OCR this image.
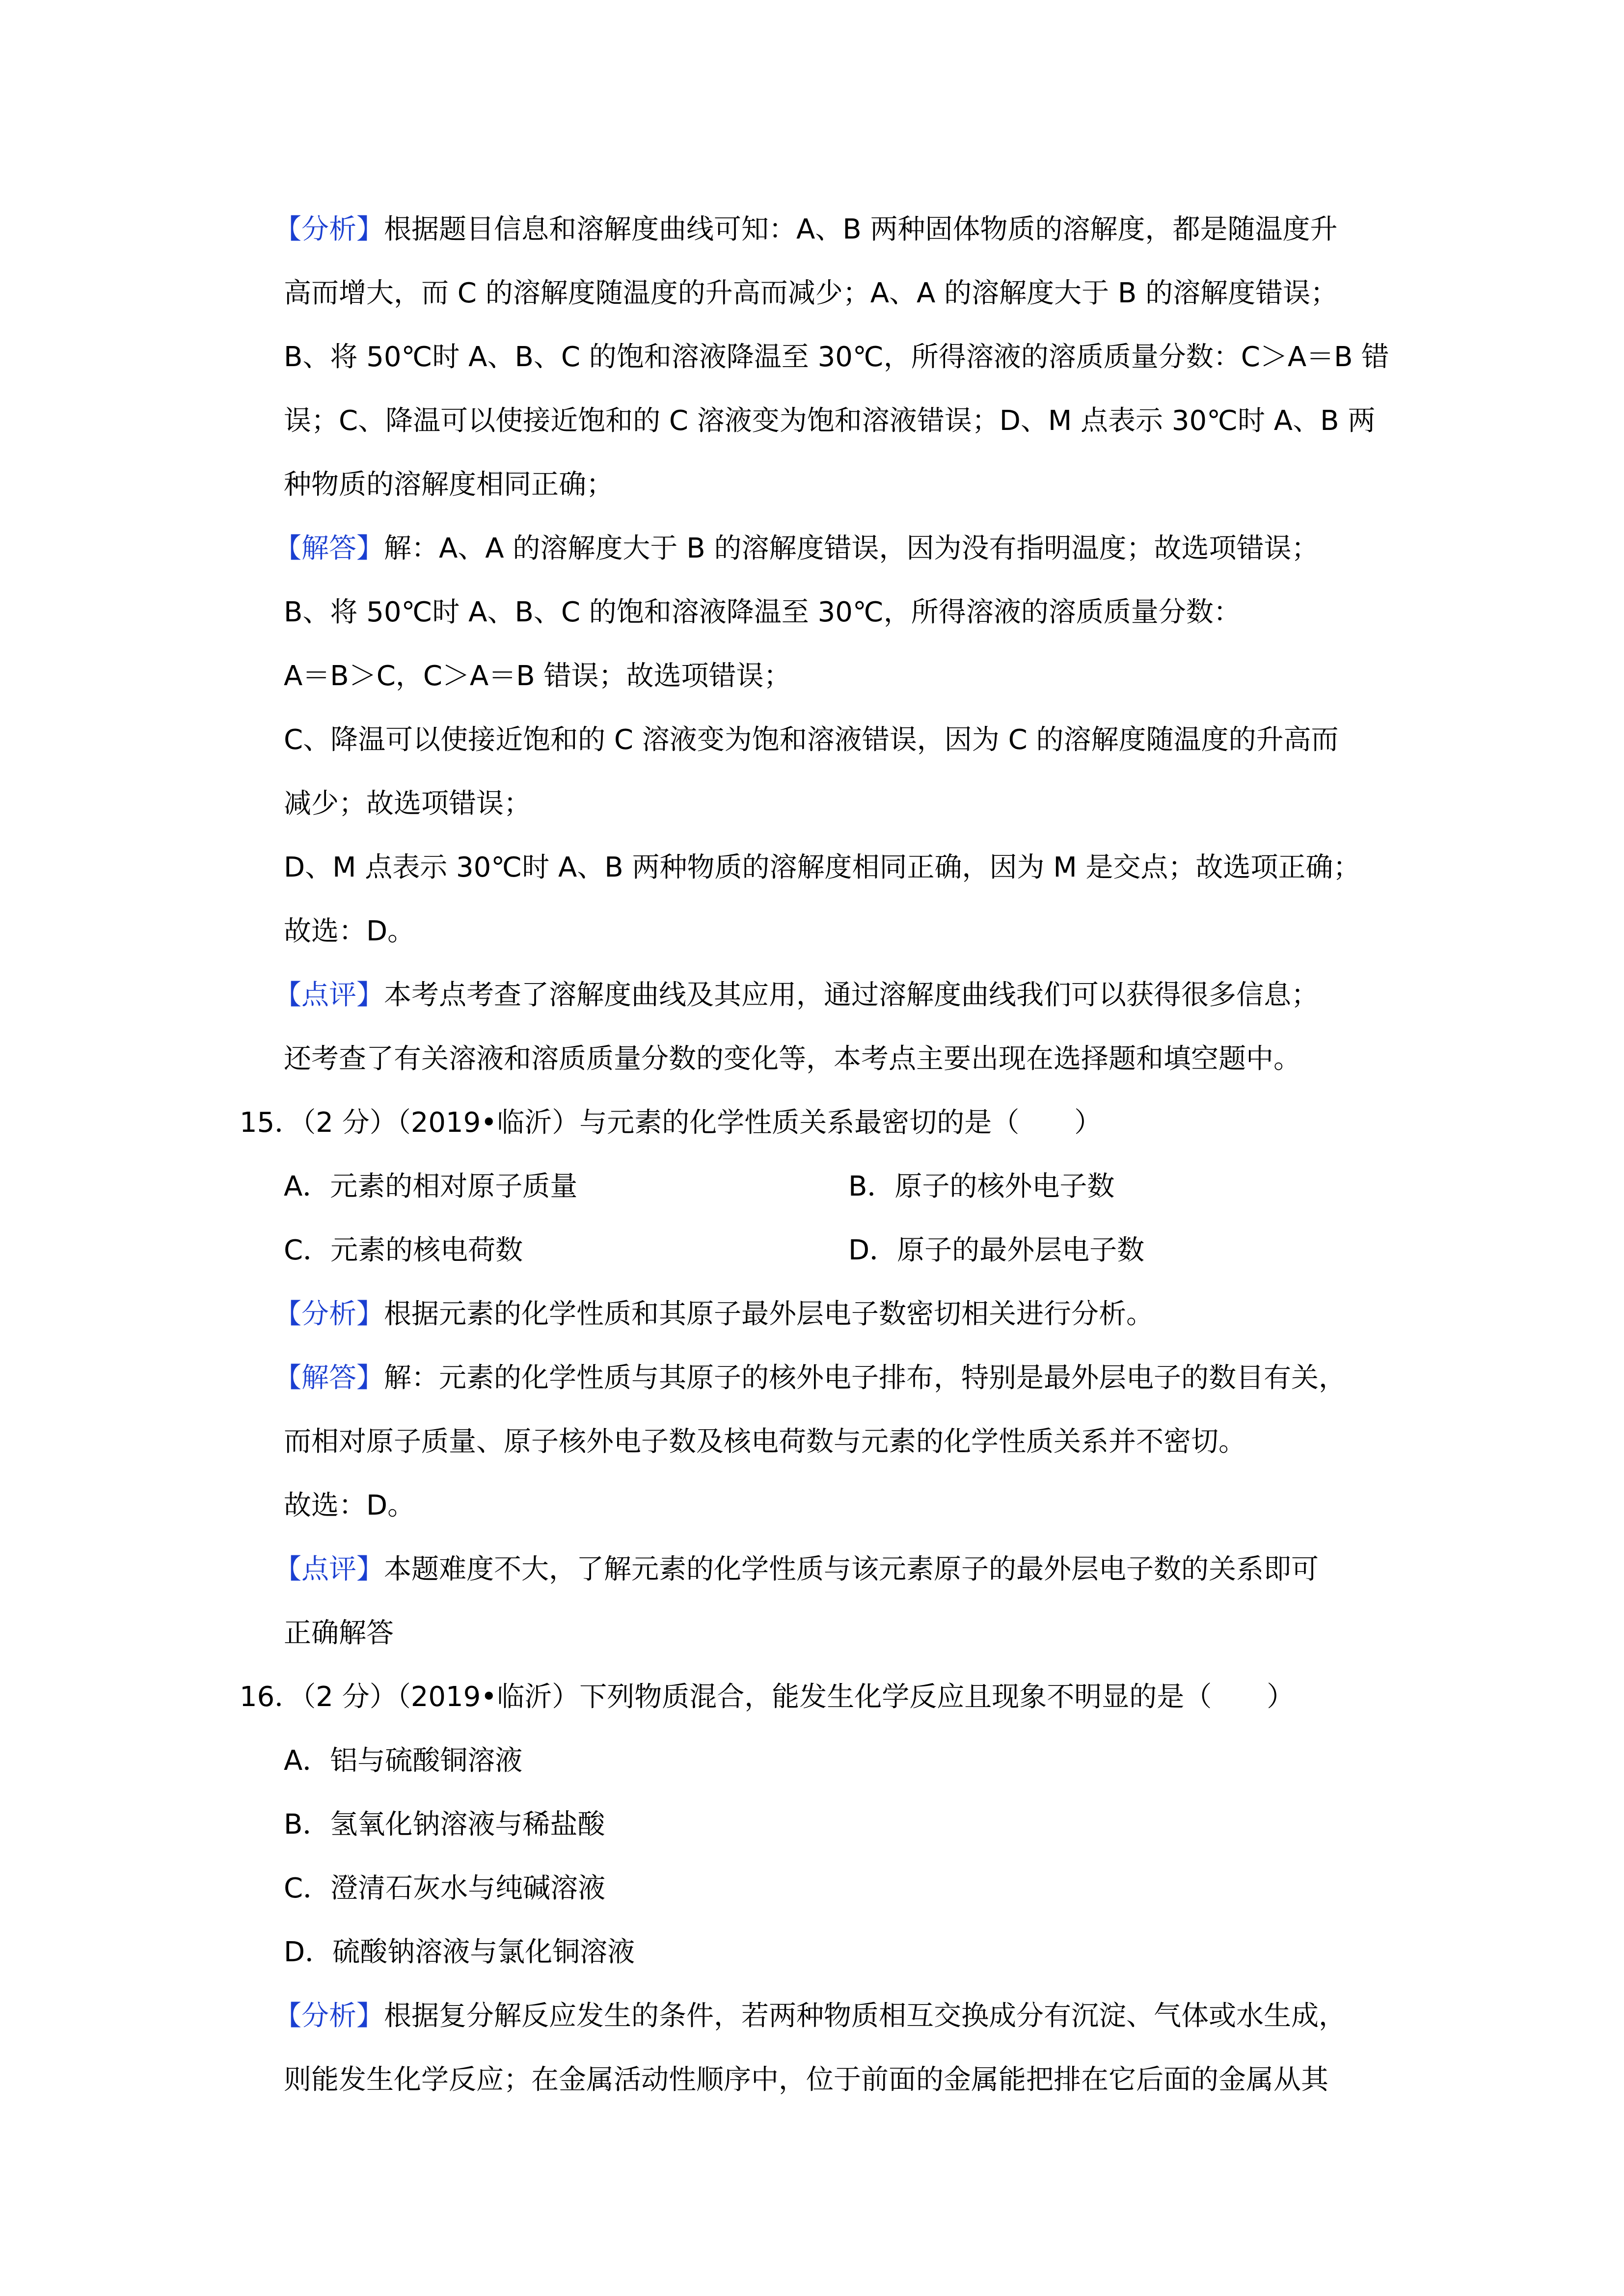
【分析】根据题目信息和溶解度曲线可知：A、B 两种固体物质的溶解度，都是随温度升
高而增大，而 C 的溶解度随温度的升高而减少；A、A 的溶解度大于 B 的溶解度错误；
B、将 50℃时 A、B、C 的饱和溶液降温至 30℃，所得溶液的溶质质量分数：C＞A＝B 错
误；C、降温可以使接近饱和的 C 溶液变为饱和溶液错误；D、M 点表示 30℃时 A、B 两
种物质的溶解度相同正确；
【解答】解：A、A 的溶解度大于 B 的溶解度错误，因为没有指明温度；故选项错误；
B、将 50℃时 A、B、C 的饱和溶液降温至 30℃，所得溶液的溶质质量分数：
A＝B＞C，C＞A＝B 错误；故选项错误；
C、降温可以使接近饱和的 C 溶液变为饱和溶液错误，因为 C 的溶解度随温度的升高而
减少；故选项错误；
D、M 点表示 30℃时 A、B 两种物质的溶解度相同正确，因为 M 是交点；故选项正确；
故选：D。
【点评】本考点考查了溶解度曲线及其应用，通过溶解度曲线我们可以获得很多信息；
还考查了有关溶液和溶质质量分数的变化等，本考点主要出现在选择题和填空题中。
15．（2 分）（2019•临沂）与元素的化学性质关系最密切的是（　　）
A．元素的相对原子质量	B．原子的核外电子数
C．元素的核电荷数	D．原子的最外层电子数
【分析】根据元素的化学性质和其原子最外层电子数密切相关进行分析。
【解答】解：元素的化学性质与其原子的核外电子排布，特别是最外层电子的数目有关，
而相对原子质量、原子核外电子数及核电荷数与元素的化学性质关系并不密切。
故选：D。
【点评】本题难度不大，了解元素的化学性质与该元素原子的最外层电子数的关系即可
正确解答
16．（2 分）（2019•临沂）下列物质混合，能发生化学反应且现象不明显的是（　　）
A．铝与硫酸铜溶液
B．氢氧化钠溶液与稀盐酸
C．澄清石灰水与纯碱溶液
D．硫酸钠溶液与氯化铜溶液
【分析】根据复分解反应发生的条件，若两种物质相互交换成分有沉淀、气体或水生成，
则能发生化学反应；在金属活动性顺序中，位于前面的金属能把排在它后面的金属从其
